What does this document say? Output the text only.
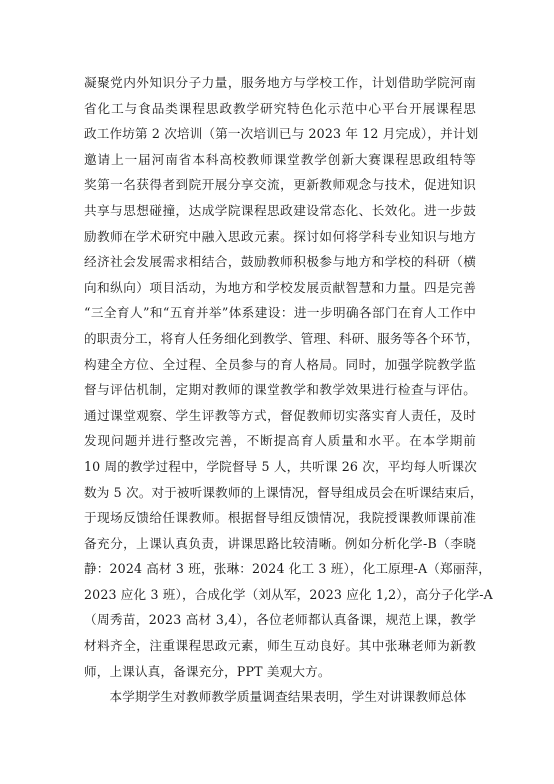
凝聚党内外知识分子力量，服务地方与学校工作，计划借助学院河南
省化工与食品类课程思政教学研究特色化示范中心平台开展课程思
政工作坊第 2 次培训（第一次培训已与 2023 年 12 月完成），并计划
邀请上一届河南省本科高校教师课堂教学创新大赛课程思政组特等
奖第一名获得者到院开展分享交流，更新教师观念与技术，促进知识
共享与思想碰撞，达成学院课程思政建设常态化、长效化。进一步鼓
励教师在学术研究中融入思政元素。探讨如何将学科专业知识与地方
经济社会发展需求相结合，鼓励教师积极参与地方和学校的科研（横
向和纵向）项目活动，为地方和学校发展贡献智慧和力量。四是完善
“三全育人”和“五育并举”体系建设：进一步明确各部门在育人工作中
的职责分工，将育人任务细化到教学、管理、科研、服务等各个环节，
构建全方位、全过程、全员参与的育人格局。同时，加强学院教学监
督与评估机制，定期对教师的课堂教学和教学效果进行检查与评估。
通过课堂观察、学生评教等方式，督促教师切实落实育人责任，及时
发现问题并进行整改完善，不断提高育人质量和水平。在本学期前
10 周的教学过程中，学院督导 5 人，共听课 26 次，平均每人听课次
数为 5 次。对于被听课教师的上课情况，督导组成员会在听课结束后，
于现场反馈给任课教师。根据督导组反馈情况，我院授课教师课前准
备充分，上课认真负责，讲课思路比较清晰。例如分析化学-B（李晓
静：2024 高材 3 班，张琳：2024 化工 3 班），化工原理-A（郑丽萍，
2023 应化 3 班），合成化学（刘从军，2023 应化 1,2），高分子化学-A
（周秀苗，2023 高材 3,4），各位老师都认真备课，规范上课，教学
材料齐全，注重课程思政元素，师生互动良好。其中张琳老师为新教
师，上课认真，备课充分，PPT 美观大方。
　　本学期学生对教师教学质量调查结果表明，学生对讲课教师总体
